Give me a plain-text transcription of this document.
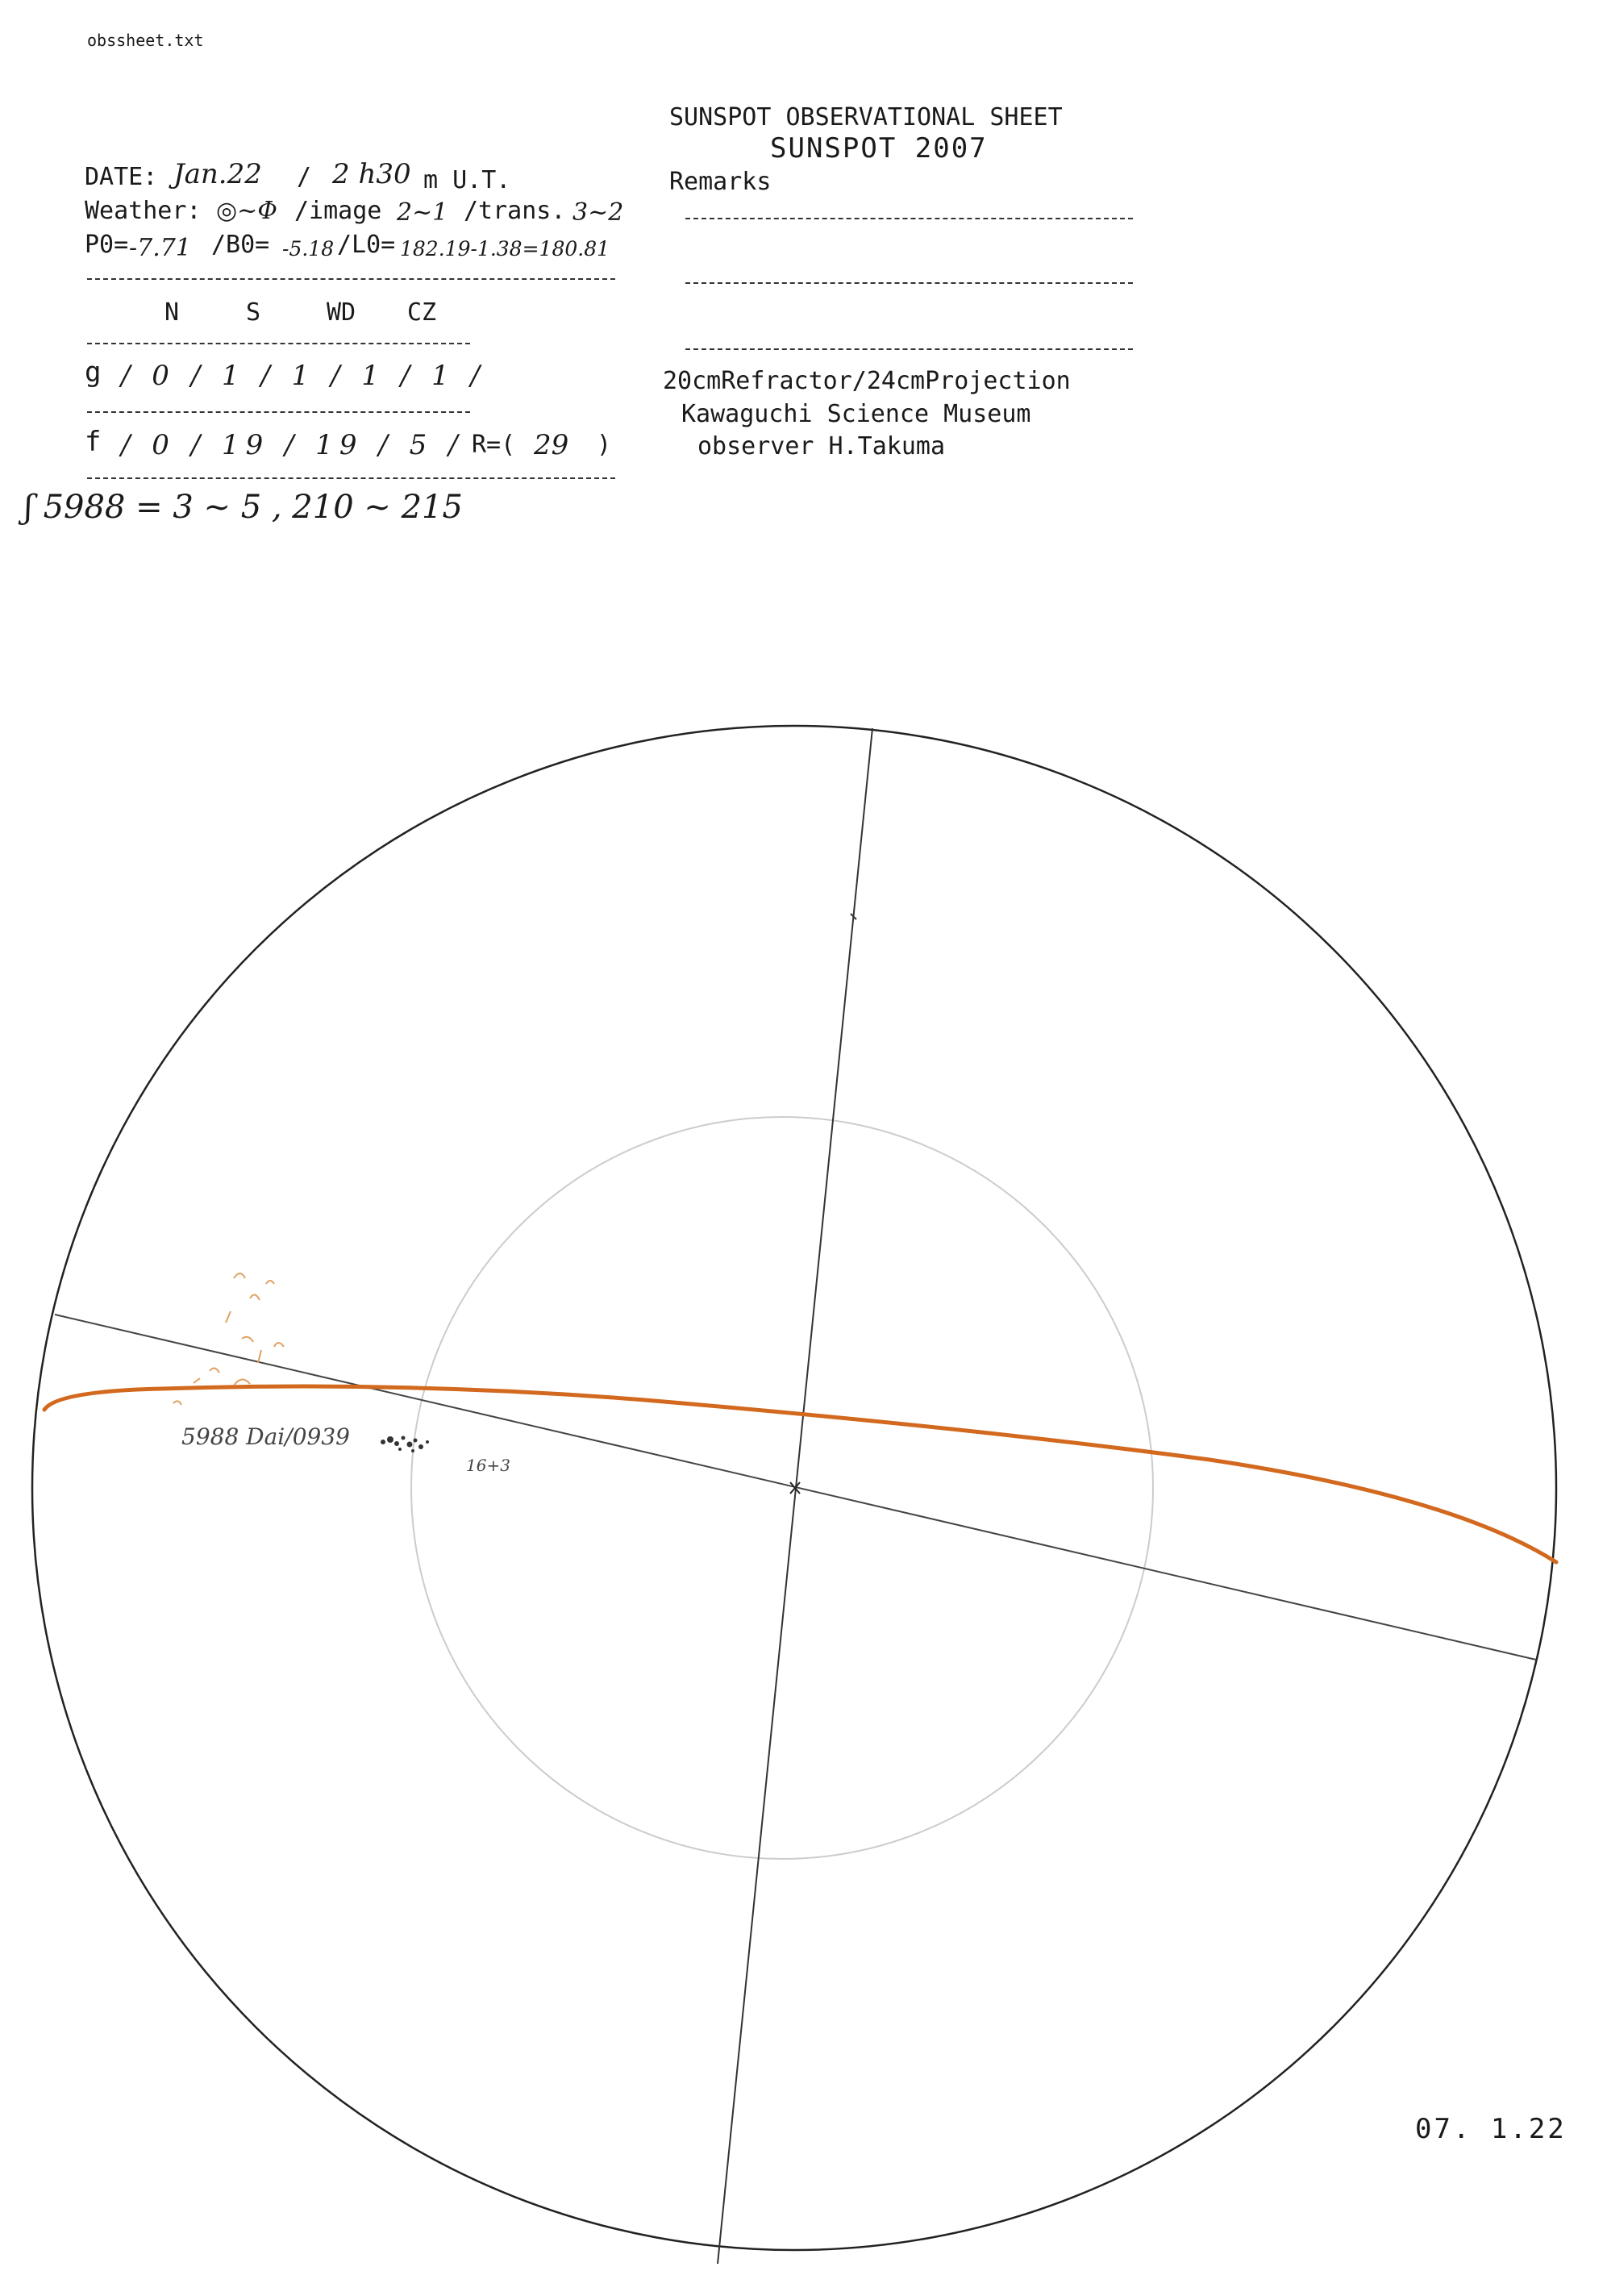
obssheet.txt
SUNSPOT OBSERVATIONAL SHEET
SUNSPOT 2007
Remarks
20cmRefractor/24cmProjection
Kawaguchi Science Museum
observer H.Takuma
DATE: Jan.22 / 2 h30 m U.T.
Weather: ◎~Φ /image 2~1 /trans. 3~2
P0= -7.71 /B0= -5.18 /L0= 182.19-1.38=180.81
N	S	WD CZ
g / 0 / 1 / 1 / 1 / 1 /
f / 0 / 19 / 19 / 5 / R=( 29 )
ʃ 5988 = 3 ~ 5 , 210 ~ 215
5988 Dai/0939
16+3
07. 1.22
